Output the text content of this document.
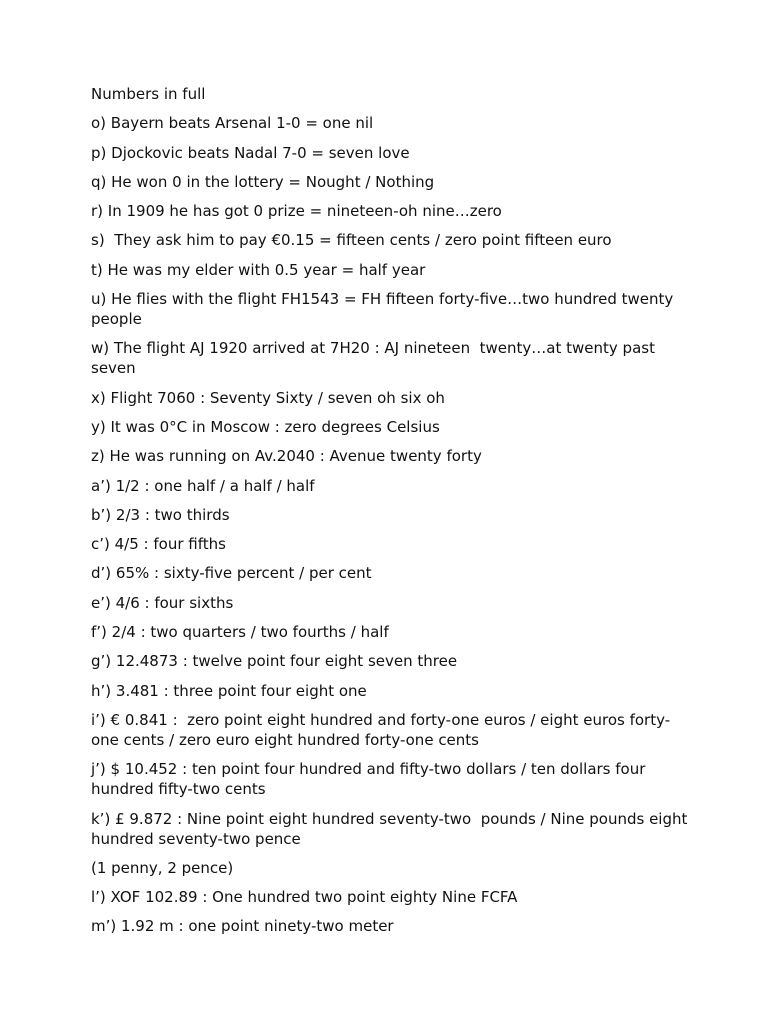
Numbers in full
o) Bayern beats Arsenal 1-0 = one nil
p) Djockovic beats Nadal 7-0 = seven love
q) He won 0 in the lottery = Nought / Nothing
r) In 1909 he has got 0 prize = nineteen-oh nine…zero
s)  They ask him to pay €0.15 = fifteen cents / zero point fifteen euro
t) He was my elder with 0.5 year = half year
u) He flies with the flight FH1543 = FH fifteen forty-five…two hundred twenty people
w) The flight AJ 1920 arrived at 7H20 : AJ nineteen  twenty…at twenty past seven
x) Flight 7060 : Seventy Sixty / seven oh six oh
y) It was 0°C in Moscow : zero degrees Celsius
z) He was running on Av.2040 : Avenue twenty forty
a’) 1/2 : one half / a half / half
b’) 2/3 : two thirds
c’) 4/5 : four fifths
d’) 65% : sixty-five percent / per cent
e’) 4/6 : four sixths
f’) 2/4 : two quarters / two fourths / half
g’) 12.4873 : twelve point four eight seven three
h’) 3.481 : three point four eight one
i’) € 0.841 :  zero point eight hundred and forty-one euros / eight euros forty-one cents / zero euro eight hundred forty-one cents
j’) $ 10.452 : ten point four hundred and fifty-two dollars / ten dollars four hundred fifty-two cents
k’) £ 9.872 : Nine point eight hundred seventy-two  pounds / Nine pounds eight hundred seventy-two pence
(1 penny, 2 pence)
l’) XOF 102.89 : One hundred two point eighty Nine FCFA
m’) 1.92 m : one point ninety-two meter
